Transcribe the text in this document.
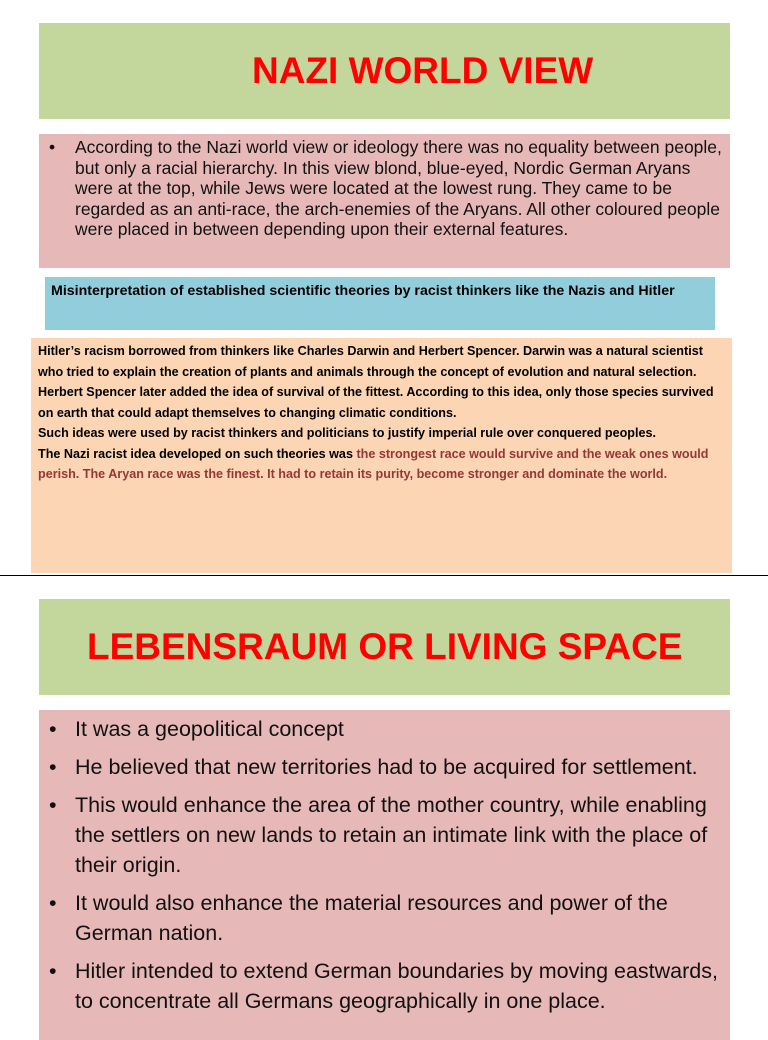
NAZI WORLD VIEW
• According to the Nazi world view or ideology there was no equality between people, but only a racial hierarchy. In this view blond, blue-eyed, Nordic German Aryans were at the top, while Jews were located at the lowest rung. They came to be regarded as an anti-race, the arch-enemies of the Aryans. All other coloured people were placed in between depending upon their external features.
Misinterpretation of established scientific theories by racist thinkers like the Nazis and Hitler

Hitler’s racism borrowed from thinkers like Charles Darwin and Herbert Spencer. Darwin was a natural scientist who tried to explain the creation of plants and animals through the concept of evolution and natural selection. Herbert Spencer later added the idea of survival of the fittest. According to this idea, only those species survived on earth that could adapt themselves to changing climatic conditions.

Such ideas were used by racist thinkers and politicians to justify imperial rule over conquered peoples.

The Nazi racist idea developed on such theories was the strongest race would survive and the weak ones would perish. The Aryan race was the finest. It had to retain its purity, become stronger and dominate the world.

LEBENSRAUM OR LIVING SPACE
• It was a geopolitical concept
• He believed that new territories had to be acquired for settlement.
• This would enhance the area of the mother country, while enabling the settlers on new lands to retain an intimate link with the place of their origin.
• It would also enhance the material resources and power of the German nation.
• Hitler intended to extend German boundaries by moving eastwards, to concentrate all Germans geographically in one place.
